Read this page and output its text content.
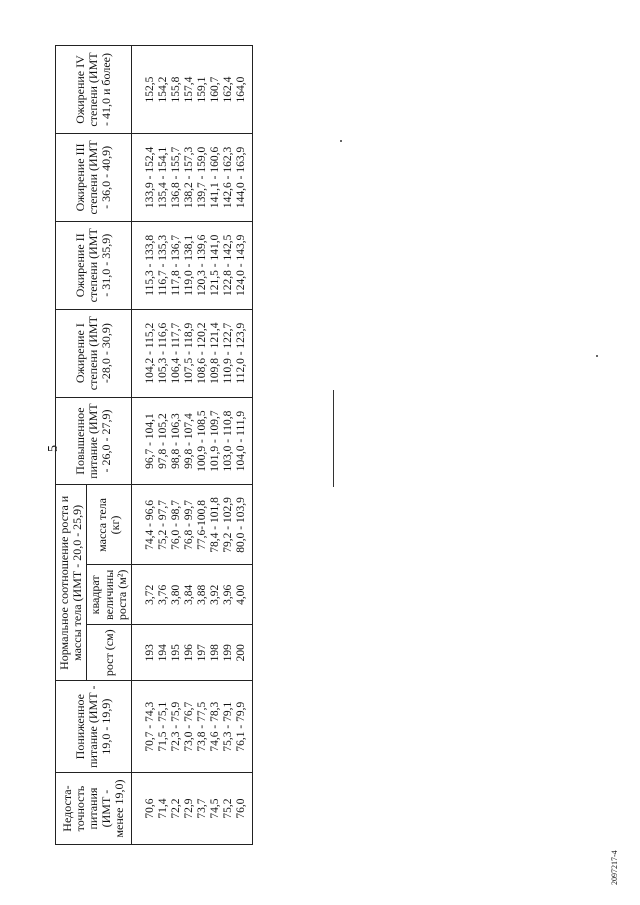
5
2097217-4
Недоста-точность питания (ИМТ - менее 19,0)	Пониженное питание (ИМТ - 19,0 - 19,9)	Нормальное соотношение роста и массы тела (ИМТ - 20,0 - 25,9)			Повышенное питание (ИМТ - 26,0 - 27,9)	Ожирение I степени (ИМТ -28,0 - 30,9)	Ожирение II степени (ИМТ - 31,0 - 35,9)	Ожирение III степени (ИМТ - 36,0 - 40,9)	Ожирение IV степени (ИМТ - 41,0 и более)
		рост (см)	квадрат величины роста (м²)	масса тела (кг)					
70,6	70,7 - 74,3	193	3,72	74,4 - 96,6	96,7 - 104,1	104,2 - 115,2	115,3 - 133,8	133,9 - 152,4	152,5
71,4	71,5 - 75,1	194	3,76	75,2 - 97,7	97,8 - 105,2	105,3 - 116,6	116,7 - 135,3	135,4 - 154,1	154,2
72,2	72,3 - 75,9	195	3,80	76,0 - 98,7	98,8 - 106,3	106,4 - 117,7	117,8 - 136,7	136,8 - 155,7	155,8
72,9	73,0 - 76,7	196	3,84	76,8 - 99,7	99,8 - 107,4	107,5 - 118,9	119,0 - 138,1	138,2 - 157,3	157,4
73,7	73,8 - 77,5	197	3,88	77,6-100,8	100,9 - 108,5	108,6 - 120,2	120,3 - 139,6	139,7 - 159,0	159,1
74,5	74,6 - 78,3	198	3,92	78,4 - 101,8	101,9 - 109,7	109,8 - 121,4	121,5 - 141,0	141,1 - 160,6	160,7
75,2	75,3 - 79,1	199	3,96	79,2 - 102,9	103,0 - 110,8	110,9 - 122,7	122,8 - 142,5	142,6 - 162,3	162,4
76,0	76,1 - 79,9	200	4,00	80,0 - 103,9	104,0 - 111,9	112,0 - 123,9	124,0 - 143,9	144,0 - 163,9	164,0
